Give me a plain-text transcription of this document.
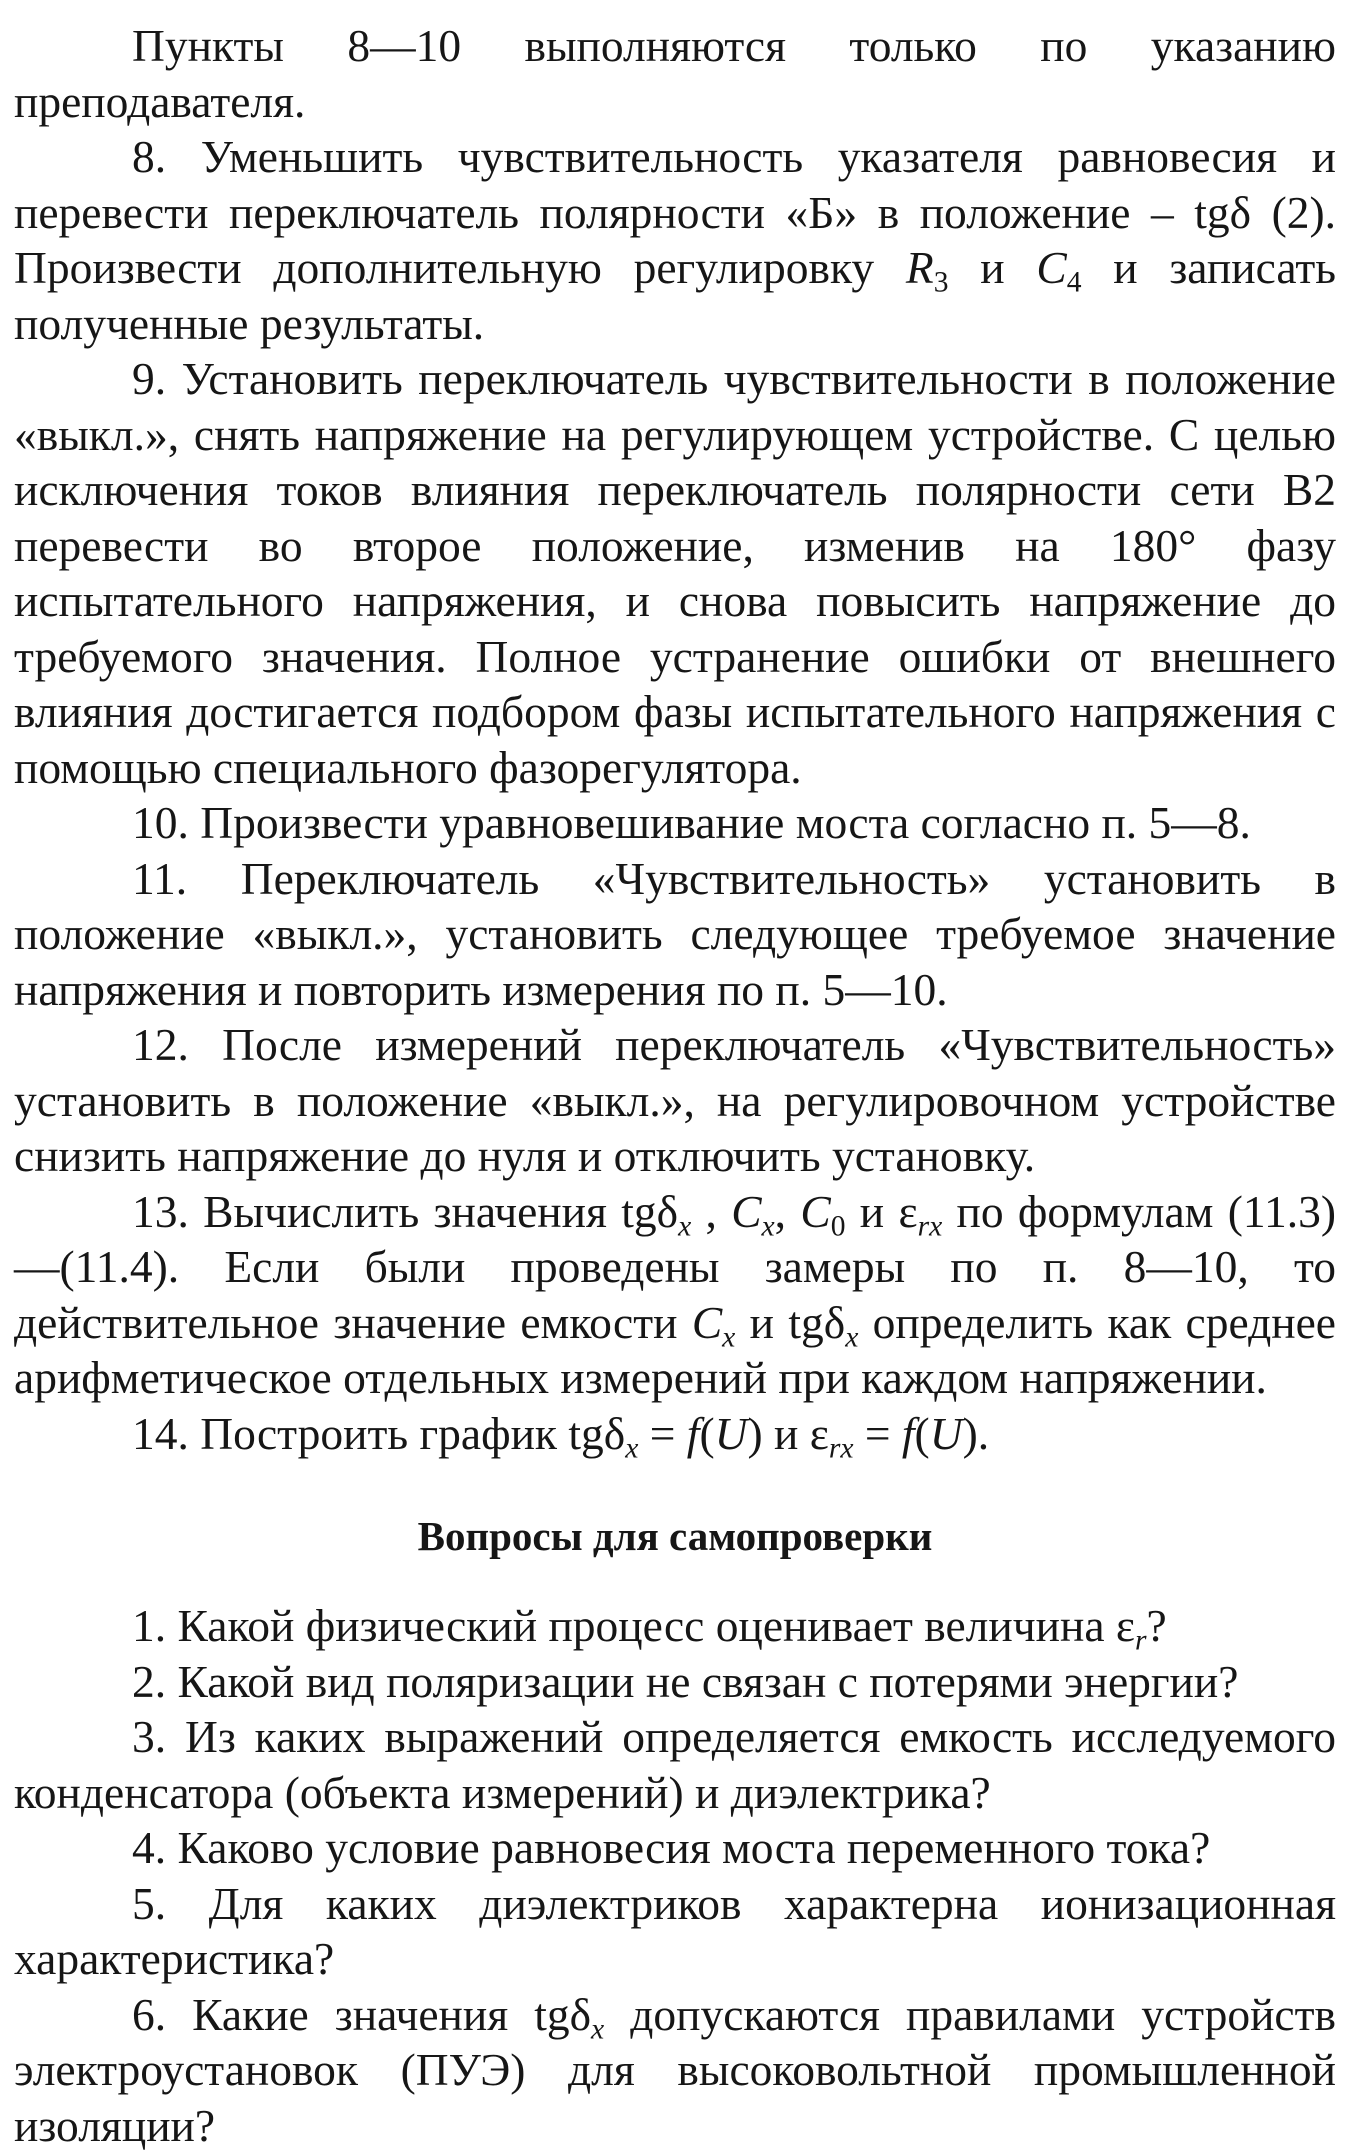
Пункты 8—10 выполняются только по указанию преподавателя.

8. Уменьшить чувствительность указателя равновесия и перевести переключатель полярности «Б» в положение – tgδ (2). Произвести дополнительную регулировку $R_3$ и $C_4$ и записать полученные результаты.

9. Установить переключатель чувствительности в положение «выкл.», снять напряжение на регулирующем устройстве. С целью исключения токов влияния переключатель полярности сети В2 перевести во второе положение, изменив на 180° фазу испытательного напряжения, и снова повысить напряжение до требуемого значения. Полное устранение ошибки от внешнего влияния достигается подбором фазы испытательного напряжения с помощью специального фазорегулятора.

10. Произвести уравновешивание моста согласно п. 5—8.

11. Переключатель «Чувствительность» установить в положение «выкл.», установить следующее требуемое значение напряжения и повторить измерения по п. 5—10.

12. После измерений переключатель «Чувствительность» установить в положение «выкл.», на регулировочном устройстве снизить напряжение до нуля и отключить установку.

13. Вычислить значения tgδ$_x$ , $C_x$, $C_0$ и $\varepsilon_{rx}$ по формулам (11.3) —(11.4). Если были проведены замеры по п. 8—10, то действительное значение емкости $C_x$ и tgδ$_x$ определить как среднее арифметическое отдельных измерений при каждом напряжении.

14. Построить график tgδ$_x$ = f(U) и $\varepsilon_{rx} = f(U)$.

Вопросы для самопроверки

1. Какой физический процесс оценивает величина $\varepsilon_r$?

2. Какой вид поляризации не связан с потерями энергии?

3. Из каких выражений определяется емкость исследуемого конденсатора (объекта измерений) и диэлектрика?

4. Каково условие равновесия моста переменного тока?

5. Для каких диэлектриков характерна ионизационная характеристика?

6. Какие значения tgδ$_x$ допускаются правилами устройств электроустановок (ПУЭ) для высоковольтной промышленной изоляции?
